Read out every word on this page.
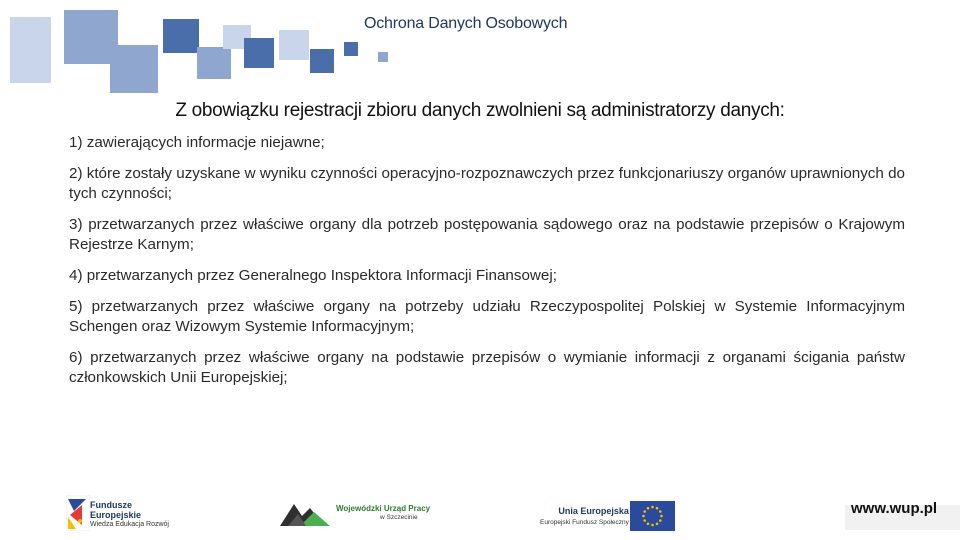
Ochrona Danych Osobowych
Z obowiązku rejestracji zbioru danych zwolnieni są administratorzy danych:
1) zawierających informacje niejawne;
2) które zostały uzyskane w wyniku czynności operacyjno-rozpoznawczych przez funkcjonariuszy organów uprawnionych do tych czynności;
3) przetwarzanych przez właściwe organy dla potrzeb postępowania sądowego oraz na podstawie przepisów o Krajowym Rejestrze Karnym;
4) przetwarzanych przez Generalnego Inspektora Informacji Finansowej;
5) przetwarzanych przez właściwe organy na potrzeby udziału Rzeczypospolitej Polskiej w Systemie Informacyjnym Schengen oraz Wizowym Systemie Informacyjnym;
6) przetwarzanych przez właściwe organy na podstawie przepisów o wymianie informacji z organami ścigania państw członkowskich Unii Europejskiej;
Fundusze
Europejskie
Wiedza Edukacja Rozwój
Wojewódzki Urząd Pracy
w Szczecinie
Unia Europejska
Europejski Fundusz Społeczny
www.wup.pl
